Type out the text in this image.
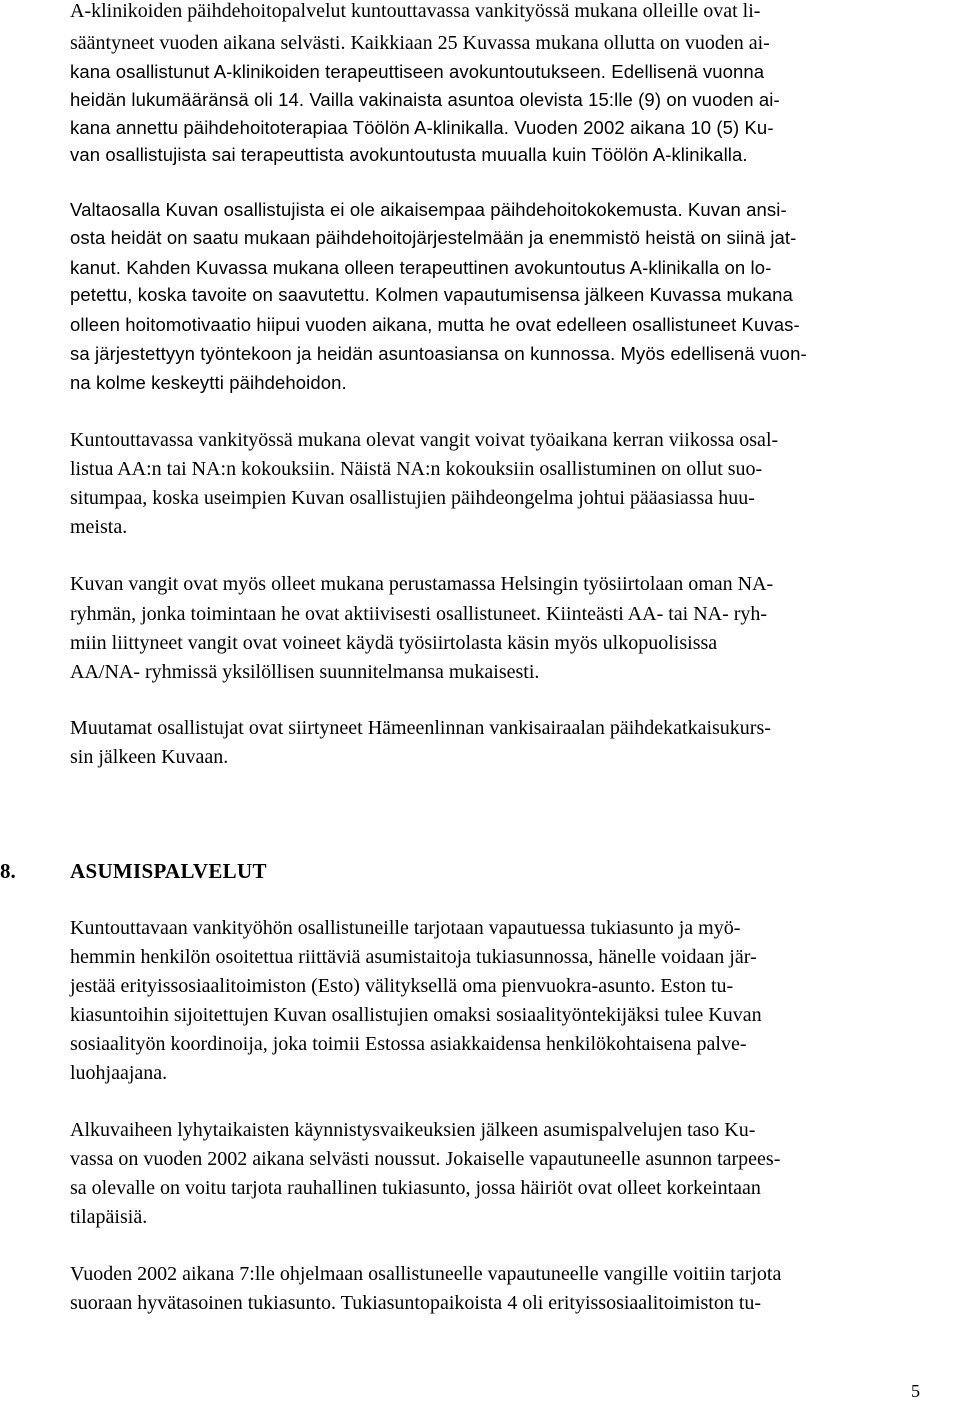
A-klinikoiden päihdehoitopalvelut kuntouttavassa vankityössä mukana olleille ovat li-
sääntyneet vuoden aikana selvästi. Kaikkiaan 25 Kuvassa mukana ollutta on vuoden ai-
kana osallistunut A-klinikoiden terapeuttiseen avokuntoutukseen. Edellisenä vuonna
heidän lukumääränsä oli 14. Vailla vakinaista asuntoa olevista 15:lle (9) on vuoden ai-
kana annettu päihdehoitoterapiaa Töölön A-klinikalla. Vuoden 2002 aikana 10 (5) Ku-
van osallistujista sai terapeuttista avokuntoutusta muualla kuin Töölön A-klinikalla.
Valtaosalla Kuvan osallistujista ei ole aikaisempaa päihdehoitokokemusta. Kuvan ansi-
osta heidät on saatu mukaan päihdehoitojärjestelmään ja enemmistö heistä on siinä jat-
kanut. Kahden Kuvassa mukana olleen terapeuttinen avokuntoutus A-klinikalla on lo-
petettu, koska tavoite on saavutettu. Kolmen vapautumisensa jälkeen Kuvassa mukana
olleen hoitomotivaatio hiipui vuoden aikana, mutta he ovat edelleen osallistuneet Kuvas-
sa järjestettyyn työntekoon ja heidän asuntoasiansa on kunnossa. Myös edellisenä vuon-
na kolme keskeytti päihdehoidon.
Kuntouttavassa vankityössä mukana olevat vangit voivat työaikana kerran viikossa osal-
listua AA:n tai NA:n kokouksiin. Näistä NA:n kokouksiin osallistuminen on ollut suo-
situmpaa, koska useimpien Kuvan osallistujien päihdeongelma johtui pääasiassa huu-
meista.
Kuvan vangit ovat myös olleet mukana perustamassa Helsingin työsiirtolaan oman NA-
ryhmän, jonka toimintaan he ovat aktiivisesti osallistuneet. Kiinteästi AA- tai NA- ryh-
miin liittyneet vangit ovat voineet käydä työsiirtolasta käsin myös ulkopuolisissa
AA/NA- ryhmissä yksilöllisen suunnitelmansa mukaisesti.
Muutamat osallistujat ovat siirtyneet Hämeenlinnan vankisairaalan päihdekatkaisukurs-
sin jälkeen Kuvaan.
8.	ASUMISPALVELUT
Kuntouttavaan vankityöhön osallistuneille tarjotaan vapautuessa tukiasunto ja myö-
hemmin henkilön osoitettua riittäviä asumistaitoja tukiasunnossa, hänelle voidaan jär-
jestää erityissosiaalitoimiston (Esto) välityksellä oma pienvuokra-asunto. Eston tu-
kiasuntoihin sijoitettujen Kuvan osallistujien omaksi sosiaalityöntekijäksi tulee Kuvan
sosiaalityön koordinoija, joka toimii Estossa asiakkaidensa henkilökohtaisena palve-
luohjaajana.
Alkuvaiheen lyhytaikaisten käynnistysvaikeuksien jälkeen asumispalvelujen taso Ku-
vassa on vuoden 2002 aikana selvästi noussut. Jokaiselle vapautuneelle asunnon tarpees-
sa olevalle on voitu tarjota rauhallinen tukiasunto, jossa häiriöt ovat olleet korkeintaan
tilapäisiä.
Vuoden 2002 aikana 7:lle ohjelmaan osallistuneelle vapautuneelle vangille voitiin tarjota
suoraan hyvätasoinen tukiasunto. Tukiasuntopaikoista 4 oli erityissosiaalitoimiston tu-
5
